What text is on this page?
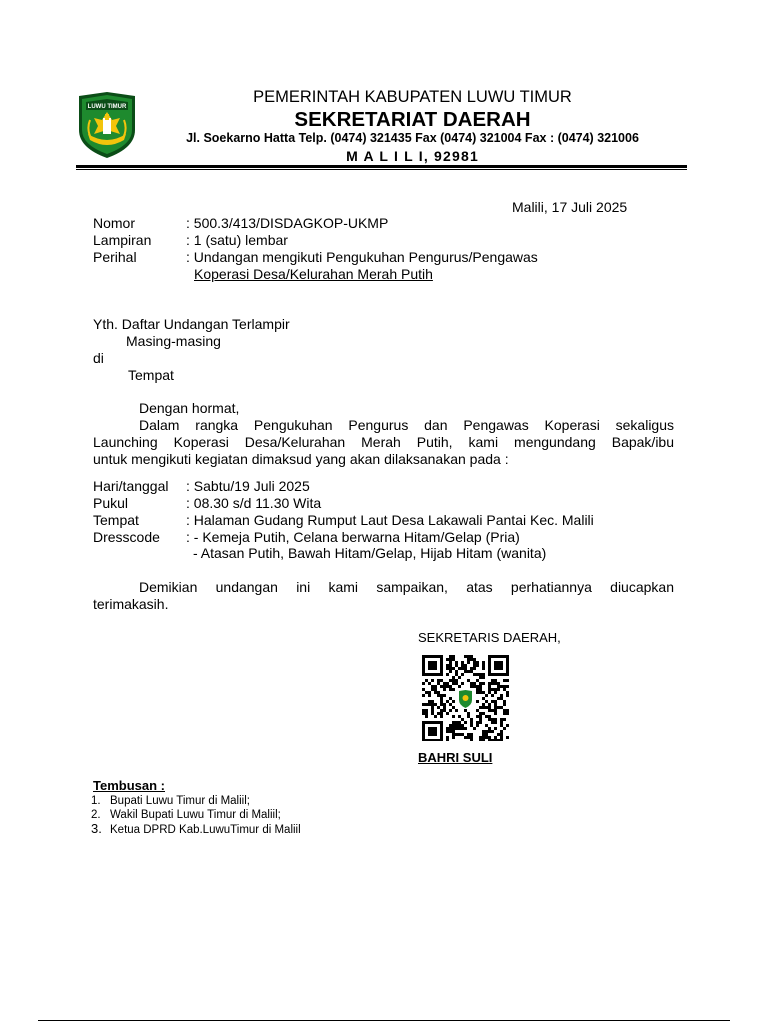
LUWU TIMUR
PEMERINTAH KABUPATEN LUWU TIMUR
SEKRETARIAT DAERAH
Jl. Soekarno Hatta Telp. (0474) 321435 Fax (0474) 321004 Fax : (0474) 321006
M A L I L I, 92981
Malili, 17 Juli 2025
Nomor	: 500.3/413/DISDAGKOP-UKMP
Lampiran : 1 (satu) lembar
Perihal	: Undangan mengikuti Pengukuhan Pengurus/Pengawas
Koperasi Desa/Kelurahan Merah Putih
Yth. Daftar Undangan Terlampir
Masing-masing
di
Tempat
Dengan hormat,
Dalam rangka Pengukuhan Pengurus dan Pengawas Koperasi sekaligus
Launching Koperasi Desa/Kelurahan Merah Putih, kami mengundang Bapak/ibu
untuk mengikuti kegiatan dimaksud yang akan dilaksanakan pada :
Hari/tanggal : Sabtu/19 Juli 2025
Pukul	: 08.30 s/d 11.30 Wita
Tempat	: Halaman Gudang Rumput Laut Desa Lakawali Pantai Kec. Malili
Dresscode : - Kemeja Putih, Celana berwarna Hitam/Gelap (Pria)
- Atasan Putih, Bawah Hitam/Gelap, Hijab Hitam (wanita)
Demikian undangan ini kami sampaikan, atas perhatiannya diucapkan
terimakasih.
SEKRETARIS DAERAH,
BAHRI SULI
Tembusan :
1. Bupati Luwu Timur di Maliil;
2. Wakil Bupati Luwu Timur di Maliil;
3. Ketua DPRD Kab.LuwuTimur di Maliil
